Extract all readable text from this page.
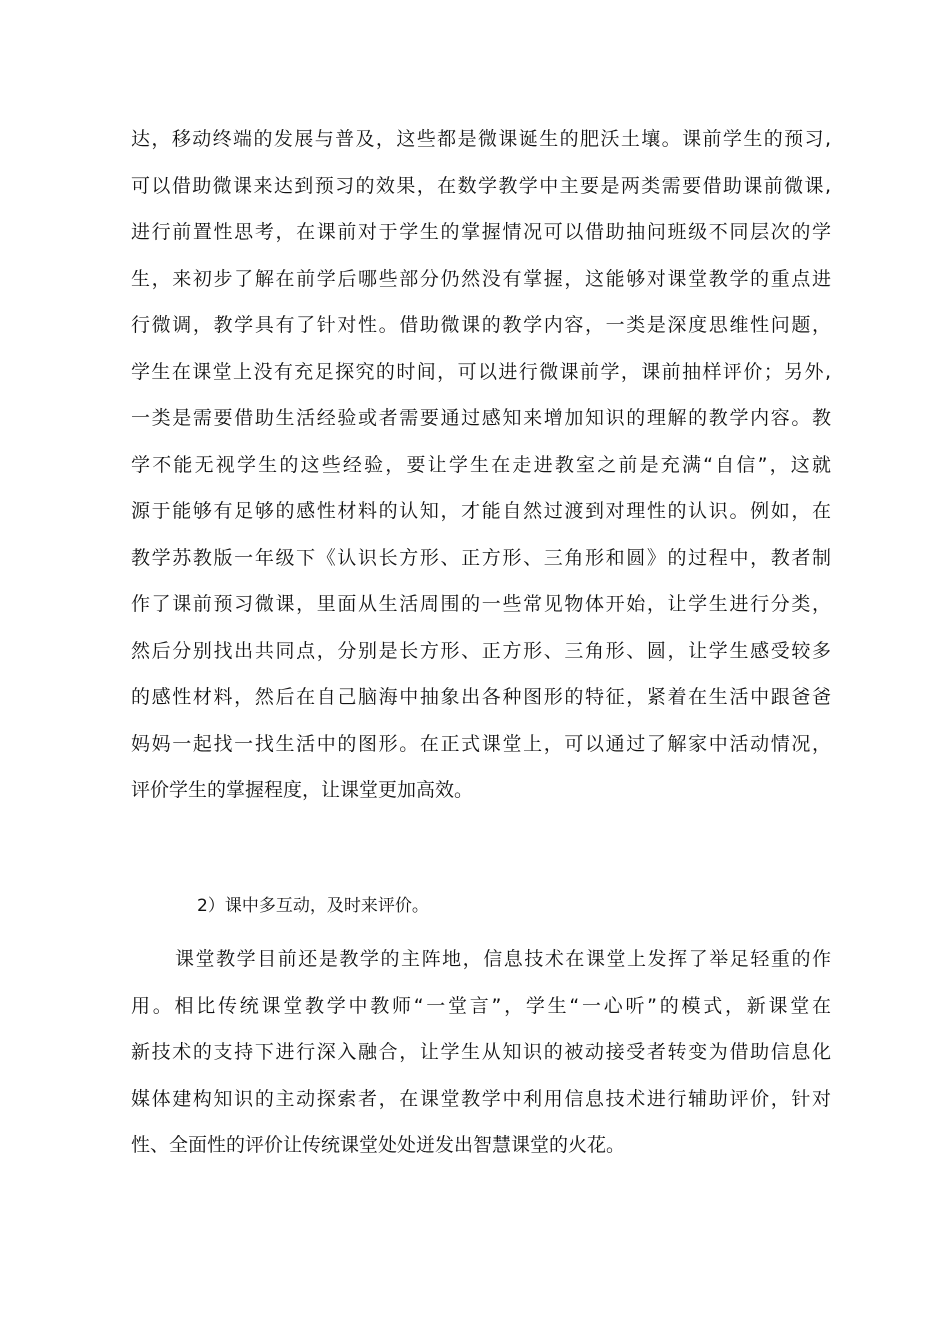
达，移动终端的发展与普及，这些都是微课诞生的肥沃土壤。课前学生的预习,
可以借助微课来达到预习的效果，在数学教学中主要是两类需要借助课前微课,
进行前置性思考，在课前对于学生的掌握情况可以借助抽问班级不同层次的学
生，来初步了解在前学后哪些部分仍然没有掌握，这能够对课堂教学的重点进
行微调，教学具有了针对性。借助微课的教学内容，一类是深度思维性问题，
学生在课堂上没有充足探究的时间，可以进行微课前学，课前抽样评价；另外,
一类是需要借助生活经验或者需要通过感知来增加知识的理解的教学内容。教
学不能无视学生的这些经验，要让学生在走进教室之前是充满“自信”，这就
源于能够有足够的感性材料的认知，才能自然过渡到对理性的认识。例如，在
教学苏教版一年级下《认识长方形、正方形、三角形和圆》的过程中，教者制
作了课前预习微课，里面从生活周围的一些常见物体开始，让学生进行分类，
然后分别找出共同点，分别是长方形、正方形、三角形、圆，让学生感受较多
的感性材料，然后在自己脑海中抽象出各种图形的特征，紧着在生活中跟爸爸
妈妈一起找一找生活中的图形。在正式课堂上，可以通过了解家中活动情况，
评价学生的掌握程度，让课堂更加高效。
2）课中多互动，及时来评价。
课堂教学目前还是教学的主阵地，信息技术在课堂上发挥了举足轻重的作
用。相比传统课堂教学中教师“一堂言”，学生“一心听”的模式，新课堂在
新技术的支持下进行深入融合，让学生从知识的被动接受者转变为借助信息化
媒体建构知识的主动探索者，在课堂教学中利用信息技术进行辅助评价，针对
性、全面性的评价让传统课堂处处迸发出智慧课堂的火花。
